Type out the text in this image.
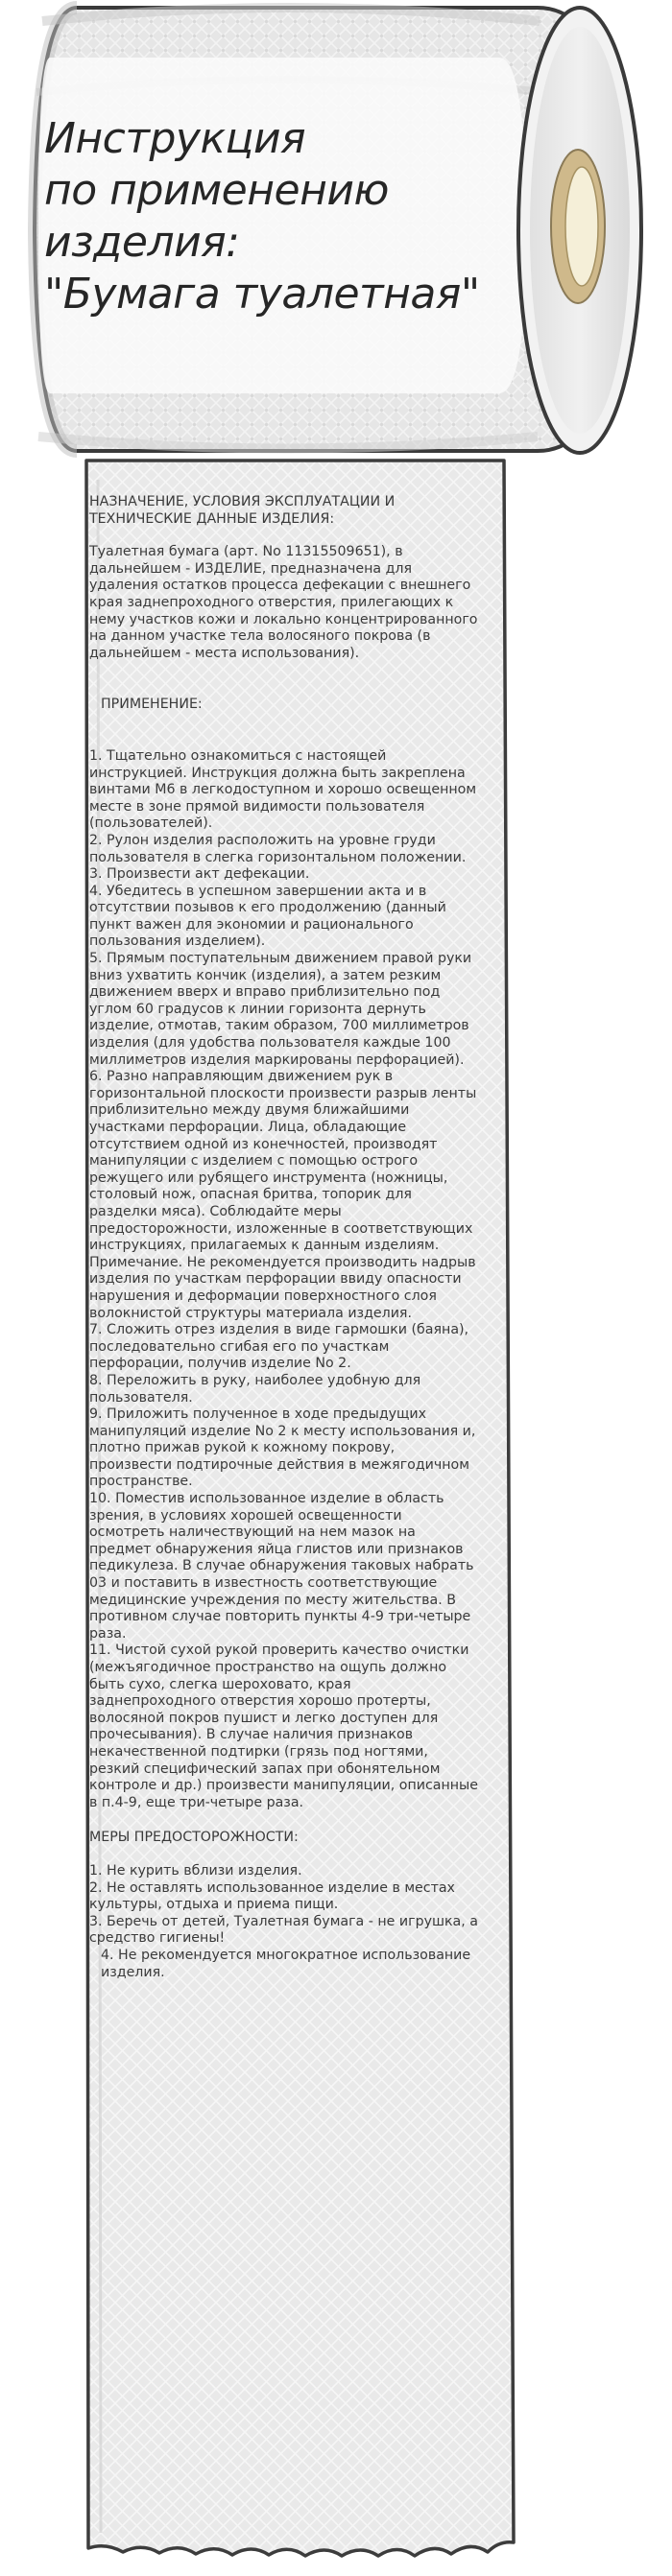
Инструкция
по применению
изделия:
"Бумага туалетная"

НАЗНАЧЕНИЕ, УСЛОВИЯ ЭКСПЛУАТАЦИИ И

ТЕХНИЧЕСКИЕ ДАННЫЕ ИЗДЕЛИЯ:

Туалетная бумага (арт. No 11315509651), в дальнейшем - ИЗДЕЛИЕ, предназначена для удаления остатков процесса дефекации с внешнего края заднепроходного отверстия, прилегающих к нему участков кожи и локально концентрированного на данном участке тела волосяного покрова (в дальнейшем - места использования).

ПРИМЕНЕНИЕ:

1. Тщательно ознакомиться с настоящей инструкцией. Инструкция должна быть закреплена винтами М6 в легкодоступном и хорошо освещенном месте в зоне прямой видимости пользователя (пользователей).

2. Рулон изделия расположить на уровне груди пользователя в слегка горизонтальном положении.

3. Произвести акт дефекации.

4. Убедитесь в успешном завершении акта и в отсутствии позывов к его продолжению (данный пункт важен для экономии и рационального пользования изделием).

5. Прямым поступательным движением правой руки вниз ухватить кончик (изделия), а затем резким движением вверх и вправо приблизительно под углом 60 градусов к линии горизонта дернуть изделие, отмотав, таким образом, 700 миллиметров изделия (для удобства пользователя каждые 100 миллиметров изделия маркированы перфорацией).

6. Разно направляющим движением рук в горизонтальной плоскости произвести разрыв ленты приблизительно между двумя ближайшими участками перфорации. Лица, обладающие отсутствием одной из конечностей, производят манипуляции с изделием с помощью острого режущего или рубящего инструмента (ножницы, столовый нож, опасная бритва, топорик для разделки мяса). Соблюдайте меры предосторожности, изложенные в соответствующих инструкциях, прилагаемых к данным изделиям. Примечание. Не рекомендуется производить надрыв изделия по участкам перфорации ввиду опасности нарушения и деформации поверхностного слоя волокнистой структуры материала изделия.

7. Сложить отрез изделия в виде гармошки (баяна), последовательно сгибая его по участкам перфорации, получив изделие No 2.

8. Переложить в руку, наиболее удобную для пользователя.

9. Приложить полученное в ходе предыдущих манипуляций изделие No 2 к месту использования и, плотно прижав рукой к кожному покрову, произвести подтирочные действия в межягодичном пространстве.

10. Поместив использованное изделие в область зрения, в условиях хорошей освещенности осмотреть наличествующий на нем мазок на предмет обнаружения яйца глистов или признаков педикулеза. В случае обнаружения таковых набрать 03 и поставить в известность соответствующие медицинские учреждения по месту жительства. В противном случае повторить пункты 4-9 три-четыре раза.

11. Чистой сухой рукой проверить качество очистки (межъягодичное пространство на ощупь должно быть сухо, слегка шероховато, края заднепроходного отверстия хорошо протерты, волосяной покров пушист и легко доступен для прочесывания). В случае наличия признаков некачественной подтирки (грязь под ногтями, резкий специфический запах при обонятельном контроле и др.) произвести манипуляции, описанные в п.4-9, еще три-четыре раза.

МЕРЫ ПРЕДОСТОРОЖНОСТИ:

1. Не курить вблизи изделия.

2. Не оставлять использованное изделие в местах культуры, отдыха и приема пищи.

3. Беречь от детей, Туалетная бумага - не игрушка, а средство гигиены!

4. Не рекомендуется многократное использование изделия.
